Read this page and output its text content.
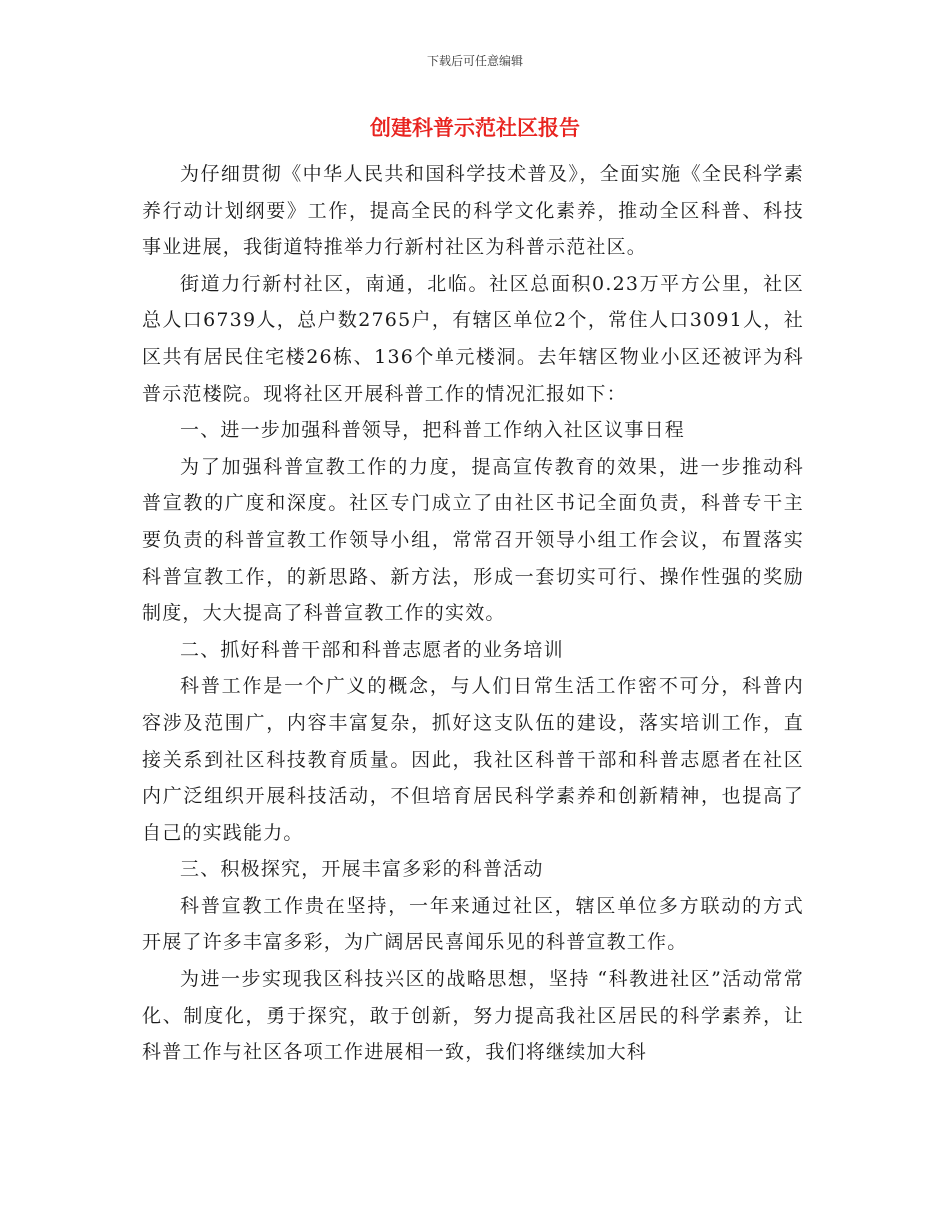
下载后可任意编辑
创建科普示范社区报告

为仔细贯彻《中华人民共和国科学技术普及》，全面实施《全民科学素养行动计划纲要》工作，提高全民的科学文化素养，推动全区科普、科技事业进展，我街道特推举力行新村社区为科普示范社区。

街道力行新村社区，南通，北临。社区总面积0.23万平方公里，社区总人口6739人，总户数2765户，有辖区单位2个，常住人口3091人，社区共有居民住宅楼26栋、136个单元楼洞。去年辖区物业小区还被评为科普示范楼院。现将社区开展科普工作的情况汇报如下：

一、进一步加强科普领导，把科普工作纳入社区议事日程

为了加强科普宣教工作的力度，提高宣传教育的效果，进一步推动科普宣教的广度和深度。社区专门成立了由社区书记全面负责，科普专干主要负责的科普宣教工作领导小组，常常召开领导小组工作会议，布置落实科普宣教工作，的新思路、新方法，形成一套切实可行、操作性强的奖励制度，大大提高了科普宣教工作的实效。

二、抓好科普干部和科普志愿者的业务培训

科普工作是一个广义的概念，与人们日常生活工作密不可分，科普内容涉及范围广，内容丰富复杂，抓好这支队伍的建设，落实培训工作，直接关系到社区科技教育质量。因此，我社区科普干部和科普志愿者在社区内广泛组织开展科技活动，不但培育居民科学素养和创新精神，也提高了自己的实践能力。

三、积极探究，开展丰富多彩的科普活动

科普宣教工作贵在坚持，一年来通过社区，辖区单位多方联动的方式开展了许多丰富多彩，为广阔居民喜闻乐见的科普宣教工作。

为进一步实现我区科技兴区的战略思想，坚持 “科教进社区”活动常常化、制度化，勇于探究，敢于创新，努力提高我社区居民的科学素养，让科普工作与社区各项工作进展相一致，我们将继续加大科
